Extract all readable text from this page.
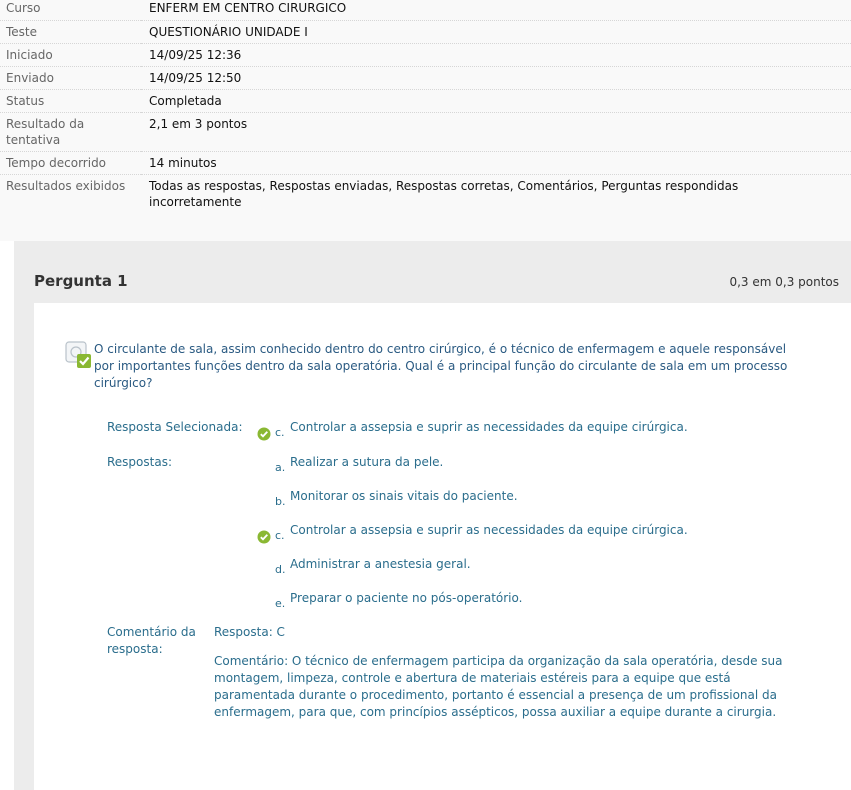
Curso	ENFERM EM CENTRO CIRURGICO
Teste	QUESTIONÁRIO UNIDADE I
Iniciado	14/09/25 12:36
Enviado	14/09/25 12:50
Status	Completada
Resultado da tentativa	2,1 em 3 pontos
Tempo decorrido	14 minutos
Resultados exibidos	Todas as respostas, Respostas enviadas, Respostas corretas, Comentários, Perguntas respondidas incorretamente
Pergunta 1	0,3 em 0,3 pontos
O circulante de sala, assim conhecido dentro do centro cirúrgico, é o técnico de enfermagem e aquele responsável por importantes funções dentro da sala operatória. Qual é a principal função do circulante de sala em um processo cirúrgico?
Resposta Selecionada:	c. Controlar a assepsia e suprir as necessidades da equipe cirúrgica.
Respostas:	a. Realizar a sutura da pele.
b. Monitorar os sinais vitais do paciente.
c. Controlar a assepsia e suprir as necessidades da equipe cirúrgica.
d. Administrar a anestesia geral.
e. Preparar o paciente no pós-operatório.
Comentário da resposta:
Resposta: C
Comentário: O técnico de enfermagem participa da organização da sala operatória, desde sua montagem, limpeza, controle e abertura de materiais estéreis para a equipe que está paramentada durante o procedimento, portanto é essencial a presença de um profissional da enfermagem, para que, com princípios assépticos, possa auxiliar a equipe durante a cirurgia.
